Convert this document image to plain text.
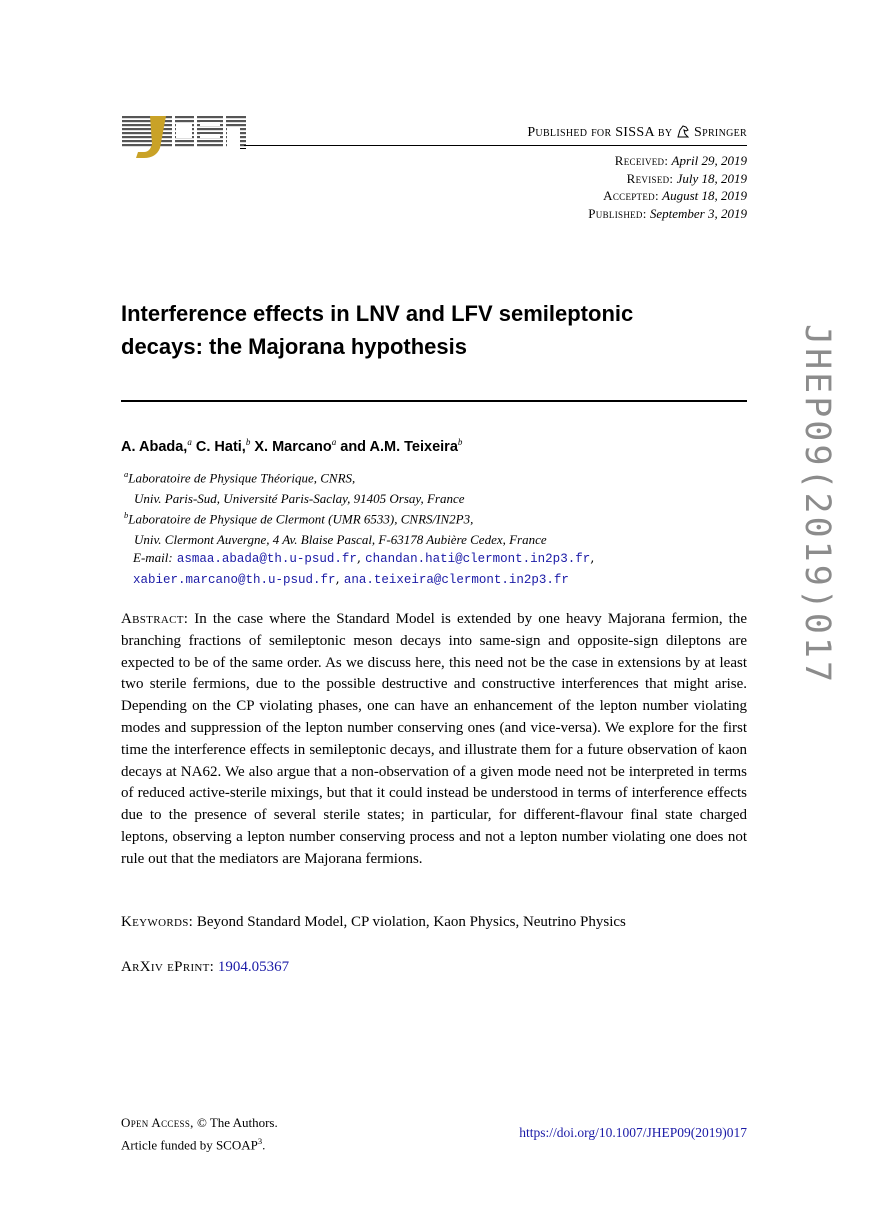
Published for SISSA by Springer
Received: April 29, 2019
Revised: July 18, 2019
Accepted: August 18, 2019
Published: September 3, 2019
Interference effects in LNV and LFV semileptonic
decays: the Majorana hypothesis
A. Abada,$^a$ C. Hati,$^b$ X. Marcano$^a$ and A.M. Teixeira$^b$
$^a$Laboratoire de Physique Théorique, CNRS,
Univ. Paris-Sud, Université Paris-Saclay, 91405 Orsay, France
$^b$Laboratoire de Physique de Clermont (UMR 6533), CNRS/IN2P3,
Univ. Clermont Auvergne, 4 Av. Blaise Pascal, F-63178 Aubière Cedex, France
E-mail: asmaa.abada@th.u-psud.fr, chandan.hati@clermont.in2p3.fr,
xabier.marcano@th.u-psud.fr, ana.teixeira@clermont.in2p3.fr
Abstract: In the case where the Standard Model is extended by one heavy Majorana fermion, the branching fractions of semileptonic meson decays into same-sign and opposite-sign dileptons are expected to be of the same order. As we discuss here, this need not be the case in extensions by at least two sterile fermions, due to the possible destructive and constructive interferences that might arise. Depending on the CP violating phases, one can have an enhancement of the lepton number violating modes and suppression of the lepton number conserving ones (and vice-versa). We explore for the first time the interference effects in semileptonic decays, and illustrate them for a future observation of kaon decays at NA62. We also argue that a non-observation of a given mode need not be interpreted in terms of reduced active-sterile mixings, but that it could instead be understood in terms of interference effects due to the presence of several sterile states; in particular, for different-flavour final state charged leptons, observing a lepton number conserving process and not a lepton number violating one does not rule out that the mediators are Majorana fermions.
Keywords: Beyond Standard Model, CP violation, Kaon Physics, Neutrino Physics
ArXiv ePrint: 1904.05367
JHEP09(2019)017
Open Access, © The Authors.
Article funded by SCOAP$^3$.
https://doi.org/10.1007/JHEP09(2019)017
